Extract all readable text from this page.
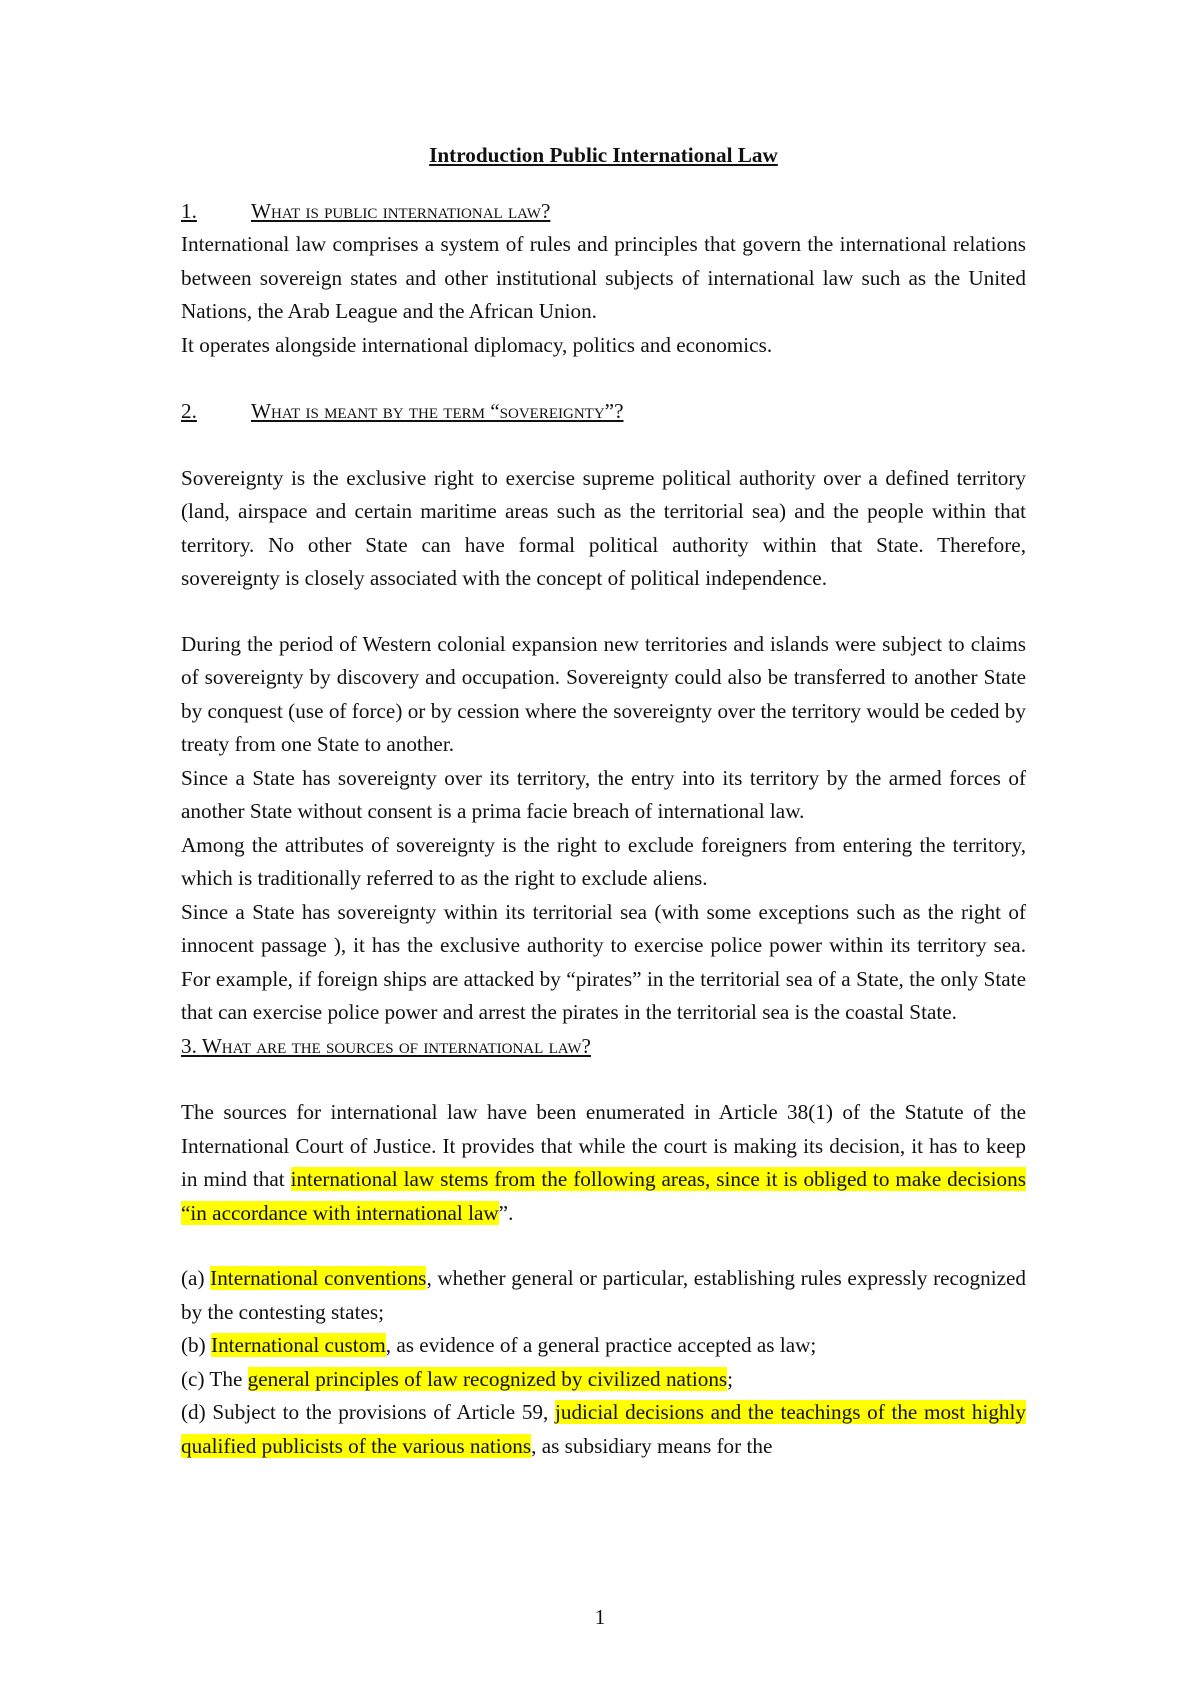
Introduction Public International Law

1.	What is public international law?

International law comprises a system of rules and principles that govern the international relations between sovereign states and other institutional subjects of international law such as the United Nations, the Arab League and the African Union.

It operates alongside international diplomacy, politics and economics.

2.	What is meant by the term “sovereignty”?

Sovereignty is the exclusive right to exercise supreme political authority over a defined territory (land, airspace and certain maritime areas such as the territorial sea) and the people within that territory. No other State can have formal political authority within that State. Therefore, sovereignty is closely associated with the concept of political independence.

During the period of Western colonial expansion new territories and islands were subject to claims of sovereignty by discovery and occupation. Sovereignty could also be transferred to another State by conquest (use of force) or by cession where the sovereignty over the territory would be ceded by treaty from one State to another.

Since a State has sovereignty over its territory, the entry into its territory by the armed forces of another State without consent is a prima facie breach of international law.

Among the attributes of sovereignty is the right to exclude foreigners from entering the territory, which is traditionally referred to as the right to exclude aliens.

Since a State has sovereignty within its territorial sea (with some exceptions such as the right of innocent passage ), it has the exclusive authority to exercise police power within its territory sea. For example, if foreign ships are attacked by “pirates” in the territorial sea of a State, the only State that can exercise police power and arrest the pirates in the territorial sea is the coastal State.

3. What are the sources of international law?

The sources for international law have been enumerated in Article 38(1) of the Statute of the International Court of Justice. It provides that while the court is making its decision, it has to keep in mind that international law stems from the following areas, since it is obliged to make decisions “in accordance with international law”.

(a) International conventions, whether general or particular, establishing rules expressly recognized by the contesting states;

(b) International custom, as evidence of a general practice accepted as law;

(c) The general principles of law recognized by civilized nations;

(d) Subject to the provisions of Article 59, judicial decisions and the teachings of the most highly qualified publicists of the various nations, as subsidiary means for the

1
